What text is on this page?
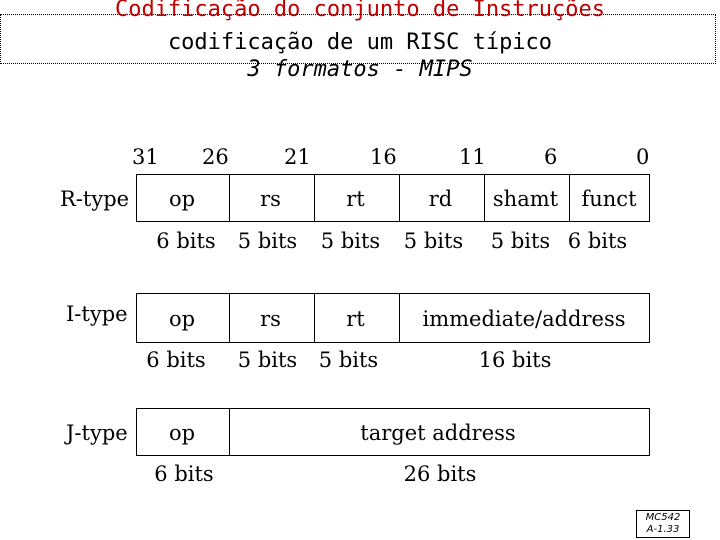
Codificação do conjunto de Instruções
codificação de um RISC típico
3 formatos - MIPS
31 26	21	16	11	6	0
R-type	op	rs	rt	rd	shamt	funct
6 bits	5 bits	5 bits	5 bits	5 bits 6 bits
I-type	op	rs	rt	immediate/address
6 bits	5 bits	5 bits	16 bits
J-type	op	target address
6 bits	26 bits
MC542
A-1.33
